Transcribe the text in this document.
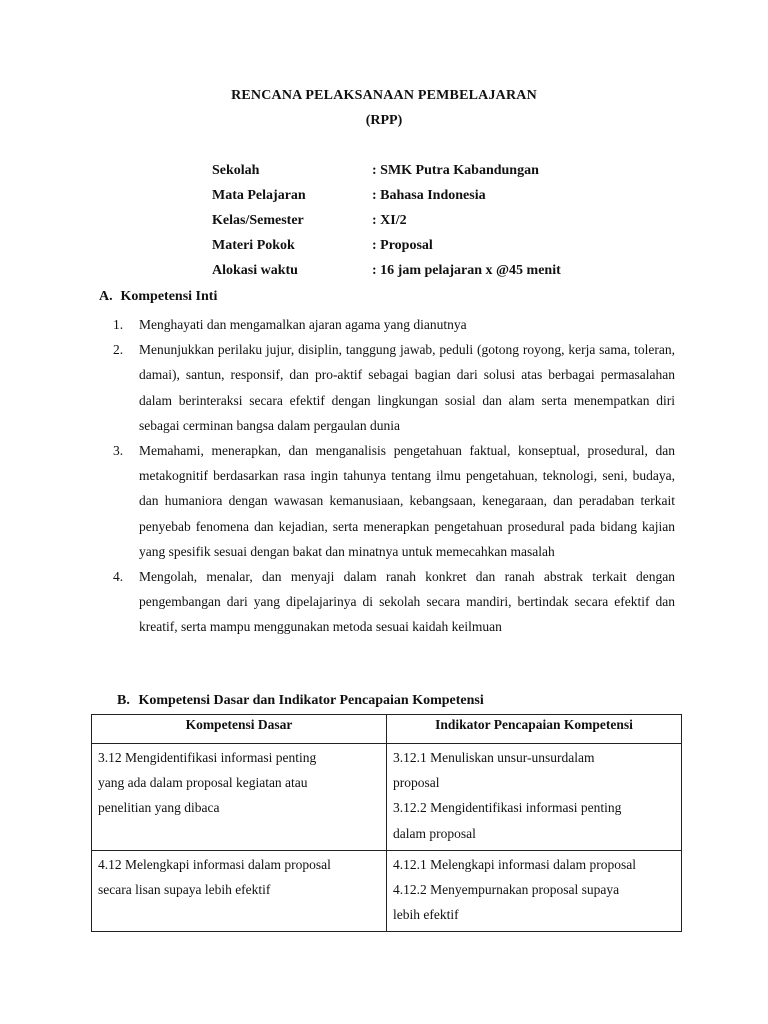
RENCANA PELAKSANAAN PEMBELAJARAN
(RPP)
Sekolah	: SMK Putra Kabandungan
Mata Pelajaran	: Bahasa Indonesia
Kelas/Semester	: XI/2
Materi Pokok	: Proposal
Alokasi waktu	: 16 jam pelajaran x @45 menit
A. Kompetensi Inti
1. Menghayati dan mengamalkan ajaran agama yang dianutnya
2. Menunjukkan perilaku jujur, disiplin, tanggung jawab, peduli (gotong royong, kerja sama, toleran, damai), santun, responsif, dan pro-aktif sebagai bagian dari solusi atas berbagai permasalahan dalam berinteraksi secara efektif dengan lingkungan sosial dan alam serta menempatkan diri sebagai cerminan bangsa dalam pergaulan dunia
3. Memahami, menerapkan, dan menganalisis pengetahuan faktual, konseptual, prosedural, dan metakognitif berdasarkan rasa ingin tahunya tentang ilmu pengetahuan, teknologi, seni, budaya, dan humaniora dengan wawasan kemanusiaan, kebangsaan, kenegaraan, dan peradaban terkait penyebab fenomena dan kejadian, serta menerapkan pengetahuan prosedural pada bidang kajian yang spesifik sesuai dengan bakat dan minatnya untuk memecahkan masalah
4. Mengolah, menalar, dan menyaji dalam ranah konkret dan ranah abstrak terkait dengan pengembangan dari yang dipelajarinya di sekolah secara mandiri, bertindak secara efektif dan kreatif, serta mampu menggunakan metoda sesuai kaidah keilmuan
B. Kompetensi Dasar dan Indikator Pencapaian Kompetensi
Kompetensi Dasar	Indikator Pencapaian Kompetensi

3.12 Mengidentifikasi informasi penting
yang ada dalam proposal kegiatan atau
penelitian yang dibaca	3.12.1 Menuliskan unsur-unsurdalam
proposal
3.12.2 Mengidentifikasi informasi penting
dalam proposal

4.12 Melengkapi informasi dalam proposal
secara lisan supaya lebih efektif	4.12.1 Melengkapi informasi dalam proposal
4.12.2 Menyempurnakan proposal supaya
lebih efektif
